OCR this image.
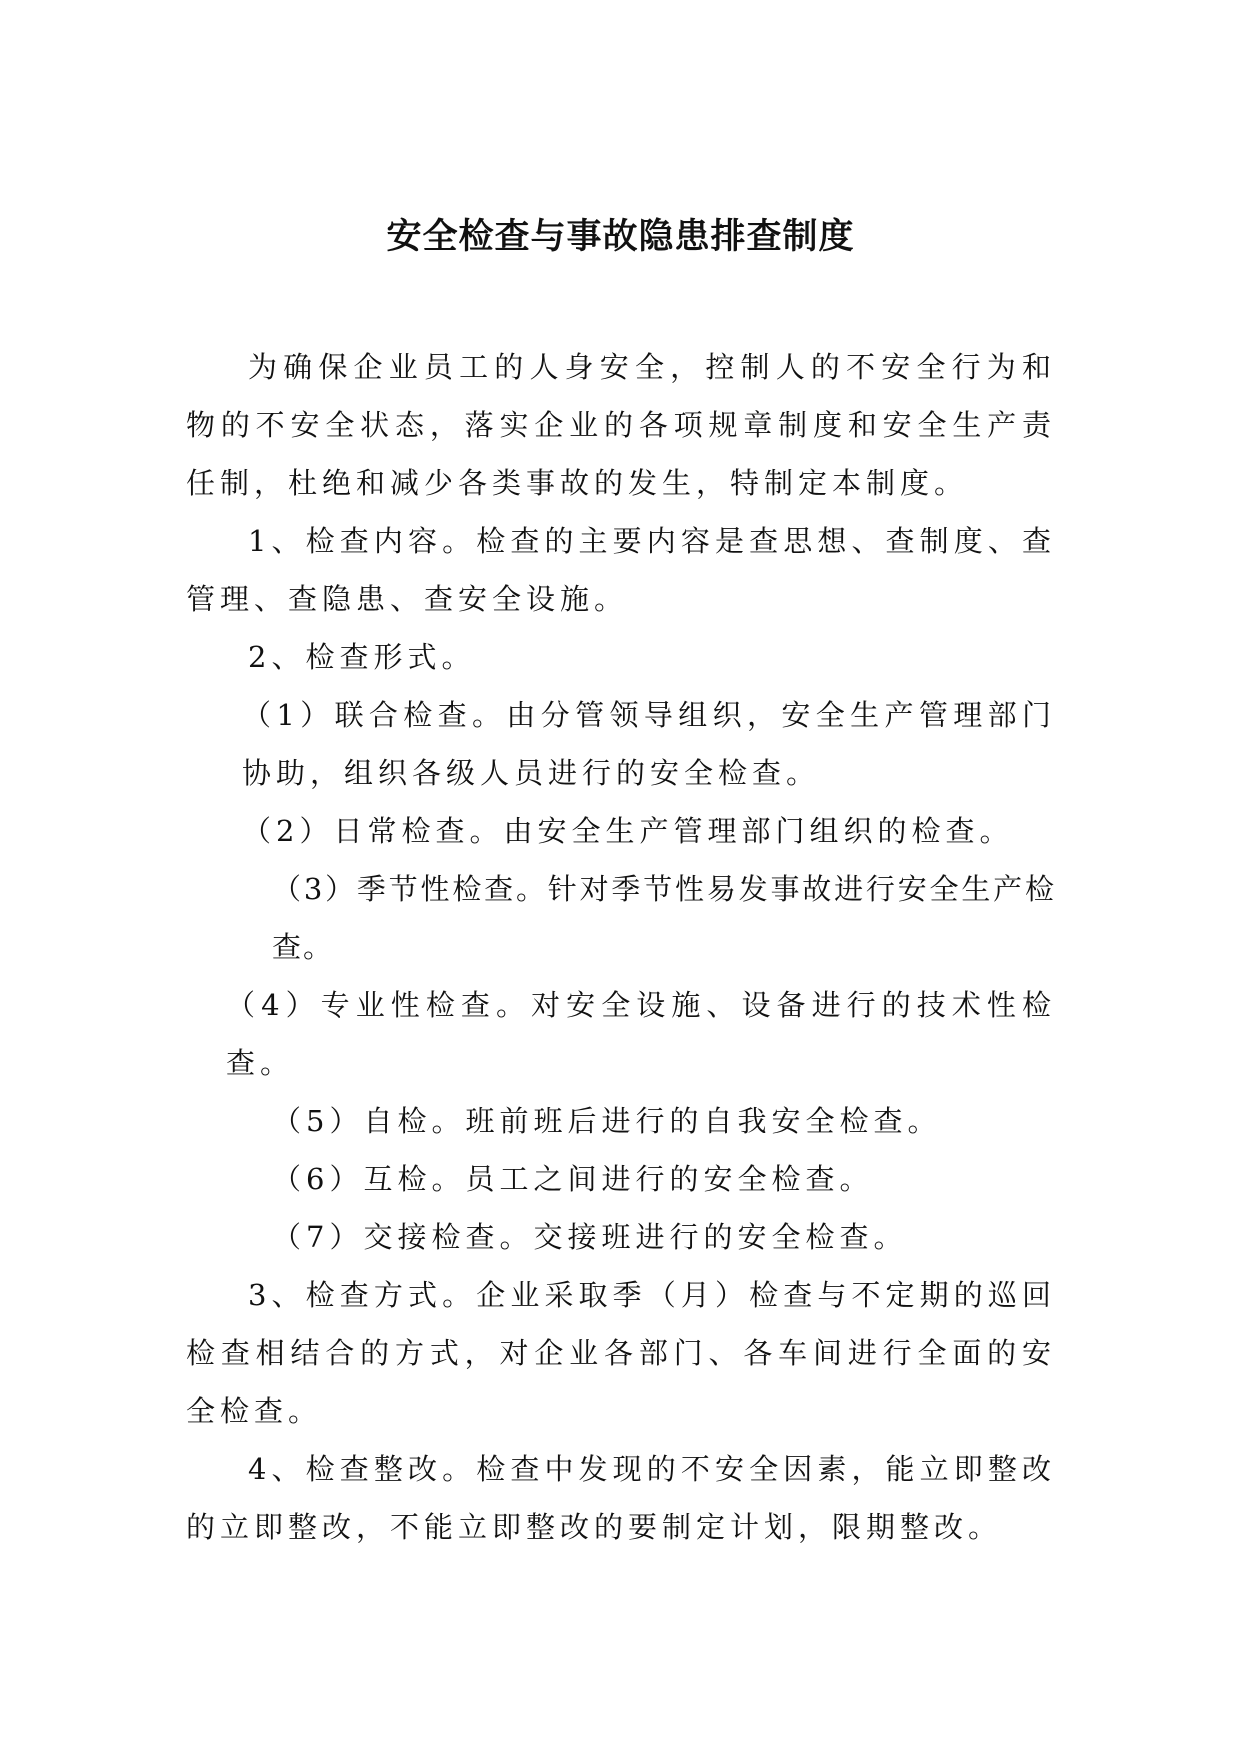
安全检查与事故隐患排查制度

为确保企业员工的人身安全，控制人的不安全行为和物的不安全状态，落实企业的各项规章制度和安全生产责任制，杜绝和减少各类事故的发生，特制定本制度。

1、检查内容。检查的主要内容是查思想、查制度、查管理、查隐患、查安全设施。

2、检查形式。

（1）联合检查。由分管领导组织，安全生产管理部门协助，组织各级人员进行的安全检查。

（2）日常检查。由安全生产管理部门组织的检查。

（3）季节性检查。针对季节性易发事故进行安全生产检查。

（4）专业性检查。对安全设施、设备进行的技术性检查。

（5）自检。班前班后进行的自我安全检查。

（6）互检。员工之间进行的安全检查。

（7）交接检查。交接班进行的安全检查。

3、检查方式。企业采取季（月）检查与不定期的巡回检查相结合的方式，对企业各部门、各车间进行全面的安全检查。

4、检查整改。检查中发现的不安全因素，能立即整改的立即整改，不能立即整改的要制定计划，限期整改。
